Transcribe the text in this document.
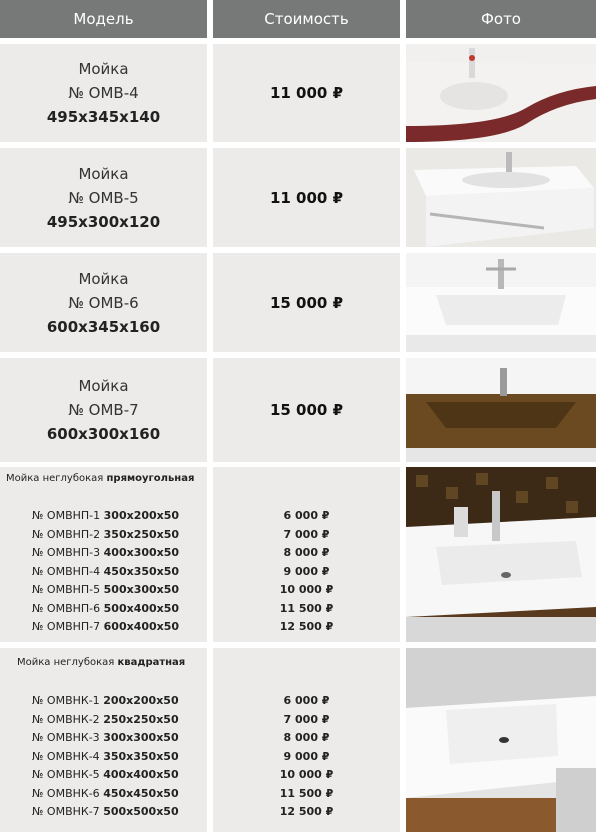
Модель	Стоимость	Фото
Мойка
№ ОМВ-4
495x345x140
11 000 ₽
Мойка
№ ОМВ-5
495x300x120
11 000 ₽
Мойка
№ ОМВ-6
600x345x160
15 000 ₽
Мойка
№ ОМВ-7
600x300x160
15 000 ₽
Мойка неглубокая прямоугольная
№ ОМВНП-1 300x200x50
№ ОМВНП-2 350x250x50
№ ОМВНП-3 400x300x50
№ ОМВНП-4 450x350x50
№ ОМВНП-5 500x300x50
№ ОМВНП-6 500x400x50
№ ОМВНП-7 600x400x50
6 000 ₽
7 000 ₽
8 000 ₽
9 000 ₽
10 000 ₽
11 500 ₽
12 500 ₽
Мойка неглубокая квадратная
№ ОМВНК-1 200x200x50
№ ОМВНК-2 250x250x50
№ ОМВНК-3 300x300x50
№ ОМВНК-4 350x350x50
№ ОМВНК-5 400x400x50
№ ОМВНК-6 450x450x50
№ ОМВНК-7 500x500x50
6 000 ₽
7 000 ₽
8 000 ₽
9 000 ₽
10 000 ₽
11 500 ₽
12 500 ₽
